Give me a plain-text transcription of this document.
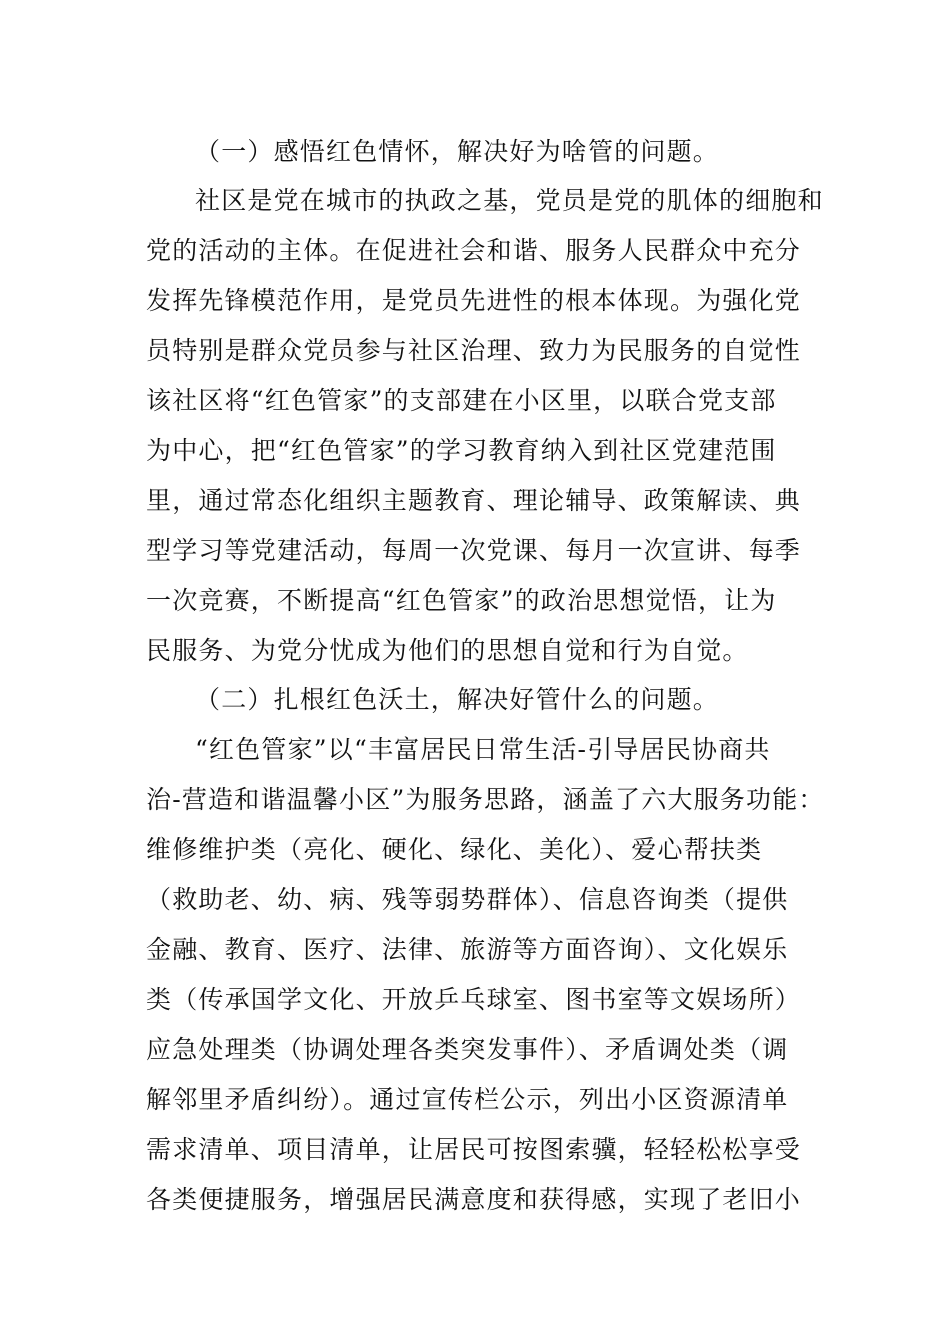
（一）感悟红色情怀，解决好为啥管的问题。
社区是党在城市的执政之基，党员是党的肌体的细胞和
党的活动的主体。在促进社会和谐、服务人民群众中充分
发挥先锋模范作用，是党员先进性的根本体现。为强化党
员特别是群众党员参与社区治理、致力为民服务的自觉性
该社区将“红色管家”的支部建在小区里，以联合党支部
为中心，把“红色管家”的学习教育纳入到社区党建范围
里，通过常态化组织主题教育、理论辅导、政策解读、典
型学习等党建活动，每周一次党课、每月一次宣讲、每季
一次竞赛，不断提高“红色管家”的政治思想觉悟，让为
民服务、为党分忧成为他们的思想自觉和行为自觉。
（二）扎根红色沃土，解决好管什么的问题。
“红色管家”以“丰富居民日常生活-引导居民协商共
治-营造和谐温馨小区”为服务思路，涵盖了六大服务功能：
维修维护类（亮化、硬化、绿化、美化）、爱心帮扶类
（救助老、幼、病、残等弱势群体）、信息咨询类（提供
金融、教育、医疗、法律、旅游等方面咨询）、文化娱乐
类（传承国学文化、开放乒乓球室、图书室等文娱场所）
应急处理类（协调处理各类突发事件）、矛盾调处类（调
解邻里矛盾纠纷）。通过宣传栏公示，列出小区资源清单
需求清单、项目清单，让居民可按图索骥，轻轻松松享受
各类便捷服务，增强居民满意度和获得感，实现了老旧小
